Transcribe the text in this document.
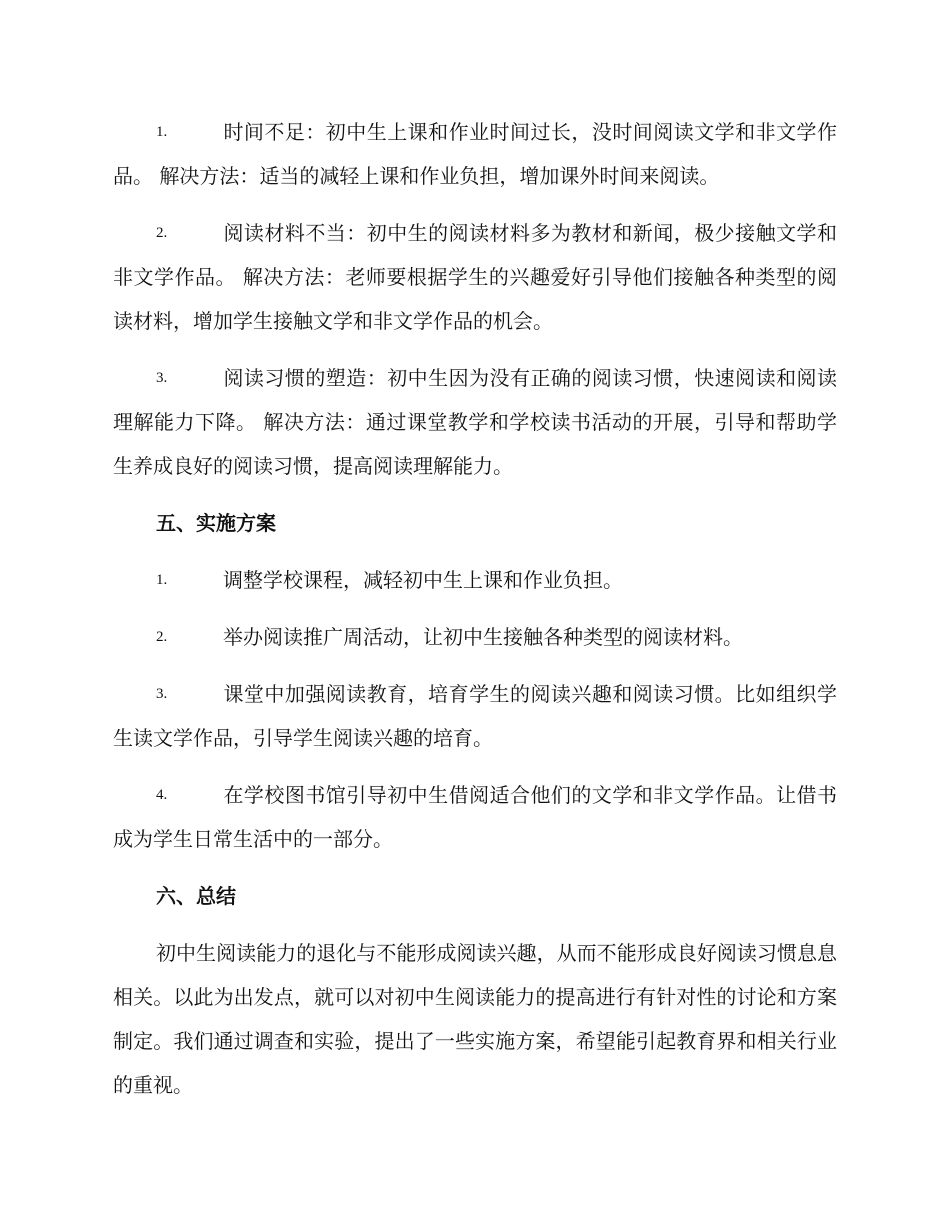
1.	时间不足：初中生上课和作业时间过长，没时间阅读文学和非文学作品。 解决方法：适当的减轻上课和作业负担，增加课外时间来阅读。
2.	阅读材料不当：初中生的阅读材料多为教材和新闻，极少接触文学和非文学作品。 解决方法：老师要根据学生的兴趣爱好引导他们接触各种类型的阅读材料，增加学生接触文学和非文学作品的机会。
3.	阅读习惯的塑造：初中生因为没有正确的阅读习惯，快速阅读和阅读理解能力下降。 解决方法：通过课堂教学和学校读书活动的开展，引导和帮助学生养成良好的阅读习惯，提高阅读理解能力。
五、实施方案
1.	调整学校课程，减轻初中生上课和作业负担。
2.	举办阅读推广周活动，让初中生接触各种类型的阅读材料。
3.	课堂中加强阅读教育，培育学生的阅读兴趣和阅读习惯。比如组织学生读文学作品，引导学生阅读兴趣的培育。
4.	在学校图书馆引导初中生借阅适合他们的文学和非文学作品。让借书成为学生日常生活中的一部分。
六、总结

初中生阅读能力的退化与不能形成阅读兴趣，从而不能形成良好阅读习惯息息相关。以此为出发点，就可以对初中生阅读能力的提高进行有针对性的讨论和方案制定。我们通过调查和实验，提出了一些实施方案，希望能引起教育界和相关行业的重视。
